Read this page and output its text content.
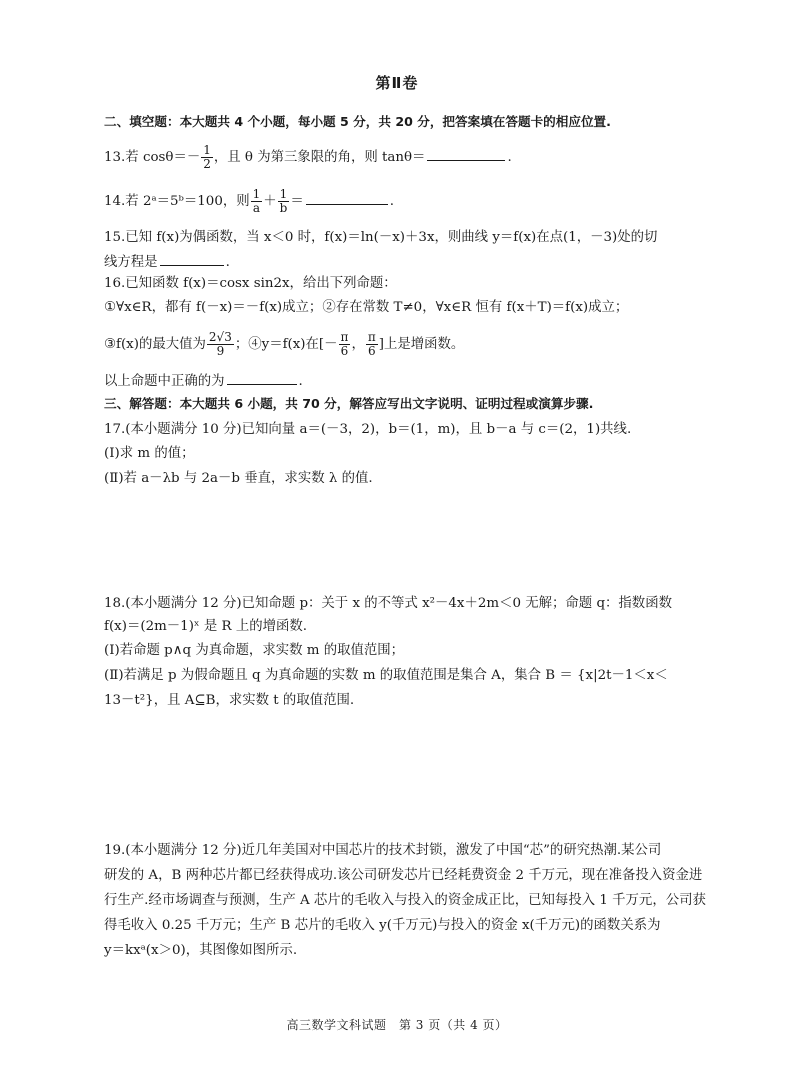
第Ⅱ卷
二、填空题：本大题共 4 个小题，每小题 5 分，共 20 分，把答案填在答题卡的相应位置.
13.若 $\cos\theta=- \frac{1}{2}$ ，且 θ 为第三象限的角，则 tanθ＝	.
14.若 2ᵃ＝5ᵇ＝100，则 $\frac{1}{a} + \frac{1}{b}$ ＝	.
15.已知 f(x)为偶函数，当 x＜0 时，f(x)＝ln(－x)＋3x，则曲线 y＝f(x)在点(1，－3)处的切
线方程是	.
16.已知函数 f(x)＝cosx sin2x，给出下列命题：
①∀x∈R，都有 f(－x)＝－f(x)成立；②存在常数 T≠0，∀x∈R 恒有 f(x＋T)＝f(x)成立；
③f(x)的最大值为 $\frac{2√3}{9}$ ；④y＝f(x)在[－ $\frac{\pi}{6}$ ， $\frac{\pi}{6}$ ]上是增函数。
以上命题中正确的为	.
三、解答题：本大题共 6 小题，共 70 分，解答应写出文字说明、证明过程或演算步骤.
17.(本小题满分 10 分)已知向量 a＝(－3，2)，b＝(1，m)，且 b－a 与 c＝(2，1)共线.
(Ⅰ)求 m 的值；
(Ⅱ)若 a－λb 与 2a－b 垂直，求实数 λ 的值.
18.(本小题满分 12 分)已知命题 p：关于 x 的不等式 x²－4x＋2m＜0 无解；命题 q：指数函数
f(x)＝(2m－1)ˣ 是 R 上的增函数.
(Ⅰ)若命题 p∧q 为真命题，求实数 m 的取值范围；
(Ⅱ)若满足 p 为假命题且 q 为真命题的实数 m 的取值范围是集合 A，集合 B ＝ {x|2t－1＜x＜
13－t²}，且 A⊆B，求实数 t 的取值范围.
19.(本小题满分 12 分)近几年美国对中国芯片的技术封锁，激发了中国“芯”的研究热潮.某公司
研发的 A，B 两种芯片都已经获得成功.该公司研发芯片已经耗费资金 2 千万元，现在准备投入资金进
行生产.经市场调查与预测，生产 A 芯片的毛收入与投入的资金成正比，已知每投入 1 千万元，公司获
得毛收入 0.25 千万元；生产 B 芯片的毛收入 y(千万元)与投入的资金 x(千万元)的函数关系为
y＝kxᵃ(x＞0)，其图像如图所示.
高三数学文科试题　第 3 页（共 4 页）
